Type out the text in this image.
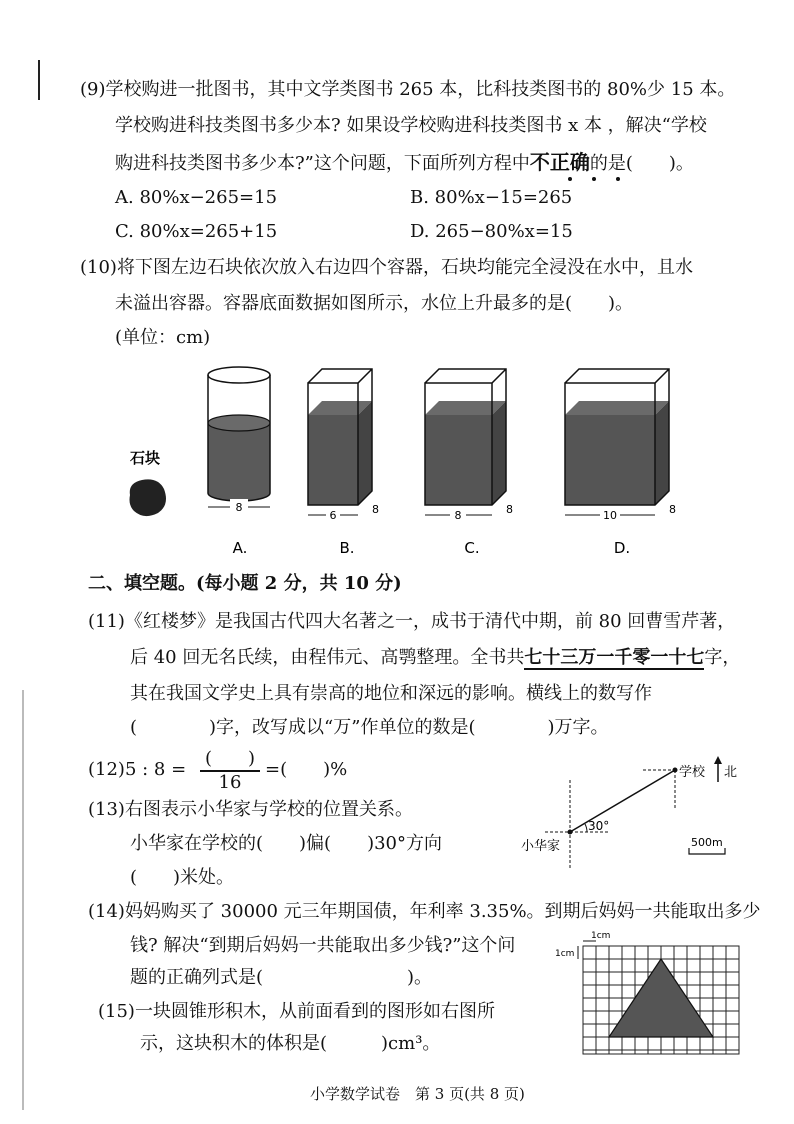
(9)学校购进一批图书，其中文学类图书 265 本，比科技类图书的 80%少 15 本。
学校购进科技类图书多少本? 如果设学校购进科技类图书 x 本 ，解决“学校
购进科技类图书多少本?”这个问题，下面所列方程中不正确的是(　　)。
A. 80%x−265=15	B. 80%x−15=265
C. 80%x=265+15	D. 265−80%x=15
(10)将下图左边石块依次放入右边四个容器，石块均能完全浸没在水中，且水
未溢出容器。容器底面数据如图所示，水位上升最多的是(　　)。
(单位：cm)
石块
8
6	8	8	8	10	8
A.	B.	C.	D.
二、填空题。(每小题 2 分，共 10 分)
(11)《红楼梦》是我国古代四大名著之一，成书于清代中期，前 80 回曹雪芹著，
后 40 回无名氏续，由程伟元、高鹗整理。全书共七十三万一千零一十七字，
其在我国文学史上具有崇高的地位和深远的影响。横线上的数写作
(　　　　)字，改写成以“万”作单位的数是(　　　　)万字。
(12)5 : 8 =
(　　)
16
=(　　)%
(13)右图表示小华家与学校的位置关系。
小华家在学校的(　　)偏(　　)30°方向
(　　)米处。
30°
学校 北
小华家	500m
(14)妈妈购买了 30000 元三年期国债，年利率 3.35%。到期后妈妈一共能取出多少
钱? 解决“到期后妈妈一共能取出多少钱?”这个问
题的正确列式是(　　　　　　　　)。
(15)一块圆锥形积木，从前面看到的图形如右图所
示，这块积木的体积是(　　　)cm³。
1cm
1cm
小学数学试卷　第 3 页(共 8 页)
